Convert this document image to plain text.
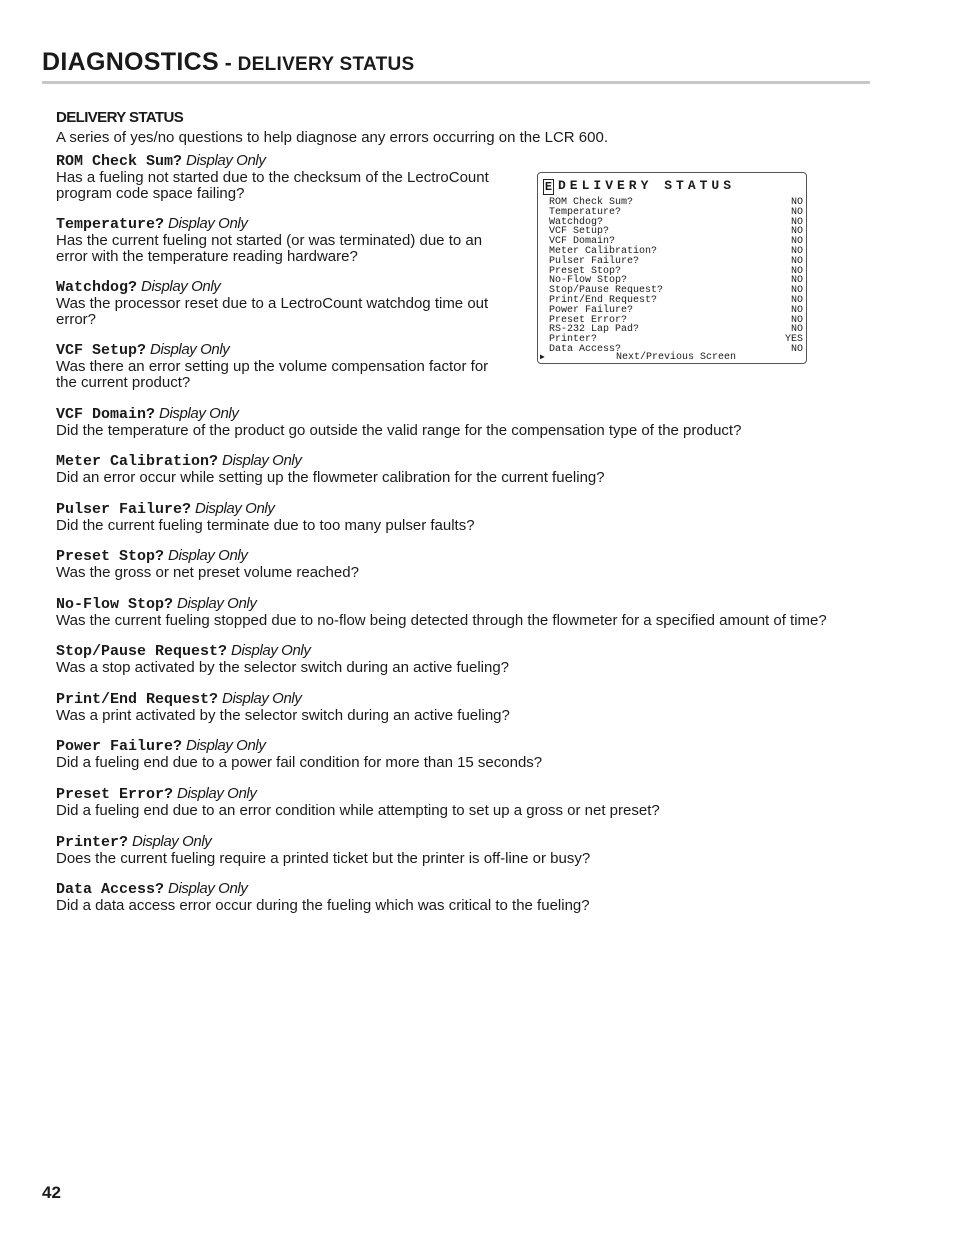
DIAGNOSTICS - DELIVERY STATUS
DELIVERY STATUS

A series of yes/no questions to help diagnose any errors occurring on the LCR 600.

ROM Check Sum? Display Only
Has a fueling not started due to the checksum of the LectroCount program code space failing?
Temperature? Display Only
Has the current fueling not started (or was terminated) due to an error with the temperature reading hardware?
Watchdog? Display Only
Was the processor reset due to a LectroCount watchdog time out error?
VCF Setup? Display Only
Was there an error setting up the volume compensation factor for the current product?
VCF Domain? Display Only
Did the temperature of the product go outside the valid range for the compensation type of the product?
Meter Calibration? Display Only
Did an error occur while setting up the flowmeter calibration for the current fueling?
Pulser Failure? Display Only
Did the current fueling terminate due to too many pulser faults?
Preset Stop? Display Only
Was the gross or net preset volume reached?
No-Flow Stop? Display Only
Was the current fueling stopped due to no-flow being detected through the flowmeter for a specified amount of time?
Stop/Pause Request? Display Only
Was a stop activated by the selector switch during an active fueling?
Print/End Request? Display Only
Was a print activated by the selector switch during an active fueling?
Power Failure? Display Only
Did a fueling end due to a power fail condition for more than 15 seconds?
Preset Error? Display Only
Did a fueling end due to an error condition while attempting to set up a gross or net preset?
Printer? Display Only
Does the current fueling require a printed ticket but the printer is off-line or busy?
Data Access? Display Only
Did a data access error occur during the fueling which was critical to the fueling?
E DELIVERY STATUS
ROM Check Sum?	NO
Temperature?	NO
Watchdog?	NO
VCF Setup?	NO
VCF Domain?	NO
Meter Calibration?	NO
Pulser Failure?	NO
Preset Stop?	NO
No-Flow Stop?	NO
Stop/Pause Request?	NO
Print/End Request?	NO
Power Failure?	NO
Preset Error?	NO
RS-232 Lap Pad?	NO
Printer?	YES
Data Access?	NO
▶	Next/Previous Screen
42
